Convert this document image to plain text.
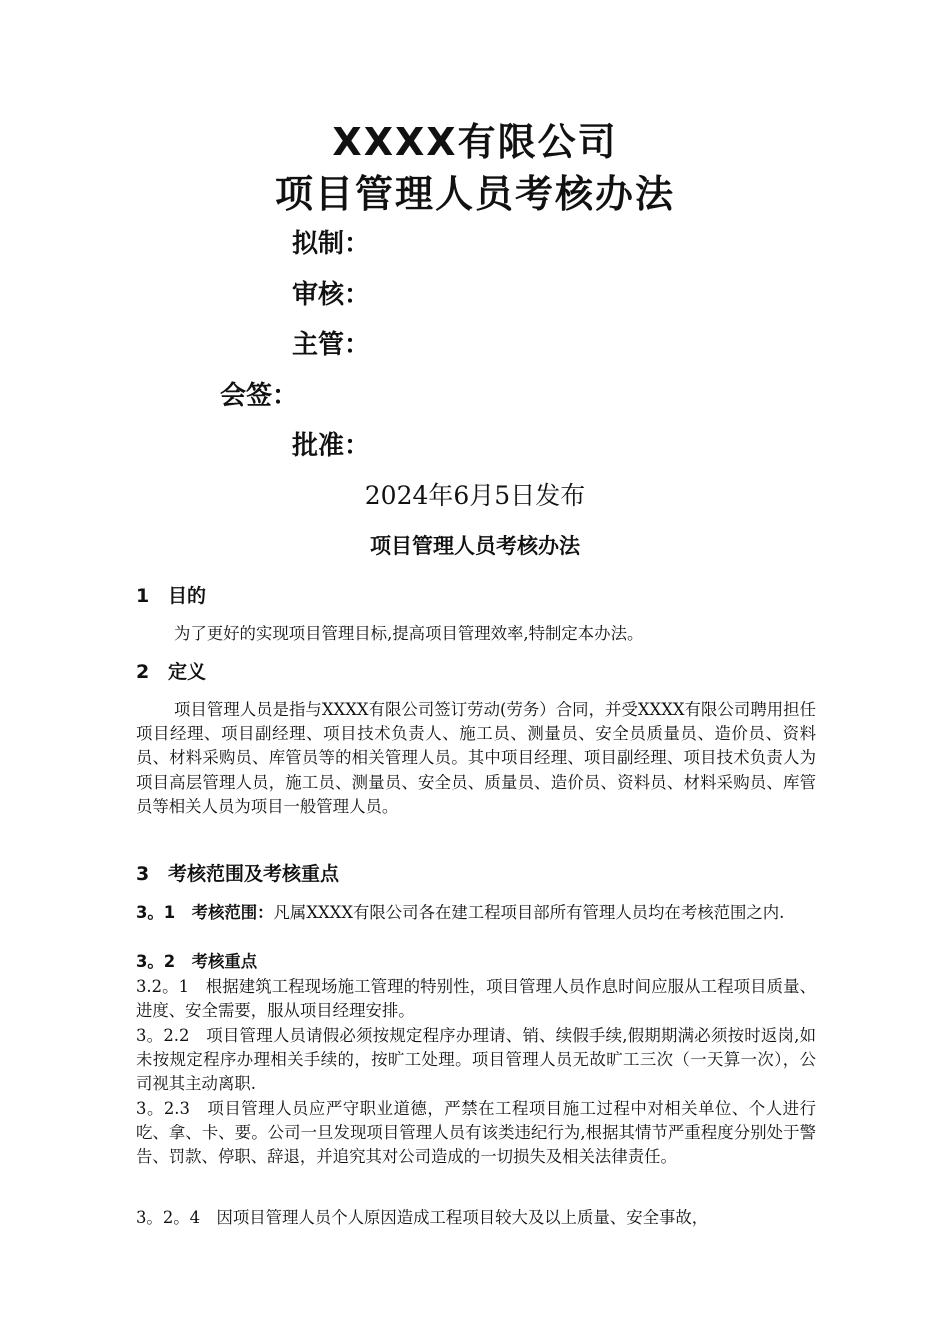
XXXX有限公司
项目管理人员考核办法
拟制：
审核：
主管：
会签：
批准：
2024年6月5日发布
项目管理人员考核办法
1 目的
为了更好的实现项目管理目标,提高项目管理效率,特制定本办法。
2 定义
项目管理人员是指与XXXX有限公司签订劳动(劳务）合同，并受XXXX有限公司聘用担任项目经理、项目副经理、项目技术负责人、施工员、测量员、安全员质量员、造价员、资料员、材料采购员、库管员等的相关管理人员。其中项目经理、项目副经理、项目技术负责人为项目高层管理人员，施工员、测量员、安全员、质量员、造价员、资料员、材料采购员、库管员等相关人员为项目一般管理人员。
3 考核范围及考核重点
3。1　考核范围：凡属XXXX有限公司各在建工程项目部所有管理人员均在考核范围之内.
3。2　考核重点
3.2。1　根据建筑工程现场施工管理的特别性，项目管理人员作息时间应服从工程项目质量、进度、安全需要，服从项目经理安排。
3。2.2　项目管理人员请假必须按规定程序办理请、销、续假手续,假期期满必须按时返岗,如未按规定程序办理相关手续的，按旷工处理。项目管理人员无故旷工三次（一天算一次），公司视其主动离职.
3。2.3　项目管理人员应严守职业道德，严禁在工程项目施工过程中对相关单位、个人进行吃、拿、卡、要。公司一旦发现项目管理人员有该类违纪行为,根据其情节严重程度分别处于警告、罚款、停职、辞退，并追究其对公司造成的一切损失及相关法律责任。
3。2。4　因项目管理人员个人原因造成工程项目较大及以上质量、安全事故，
